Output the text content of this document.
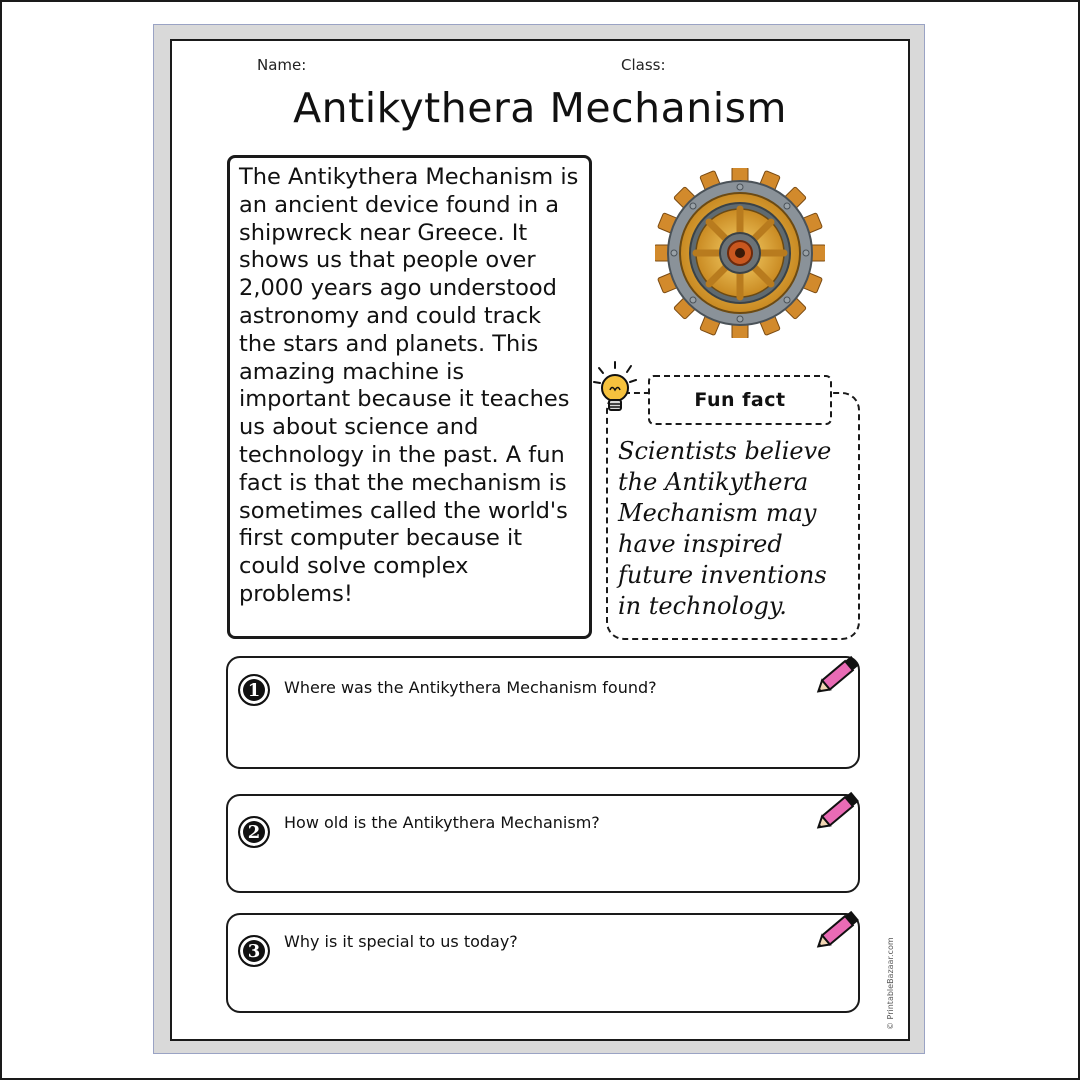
Name:	Class:
Antikythera Mechanism
The Antikythera Mechanism is an ancient device found in a shipwreck near Greece. It shows us that people over 2,000 years ago understood astronomy and could track the stars and planets. This amazing machine is important because it teaches us about science and technology in the past. A fun fact is that the mechanism is sometimes called the world's first computer because it could solve complex problems!
Fun fact
Scientists believe the Antikythera Mechanism may have inspired future inventions in technology.
1	Where was the Antikythera Mechanism found?
2	How old is the Antikythera Mechanism?
3	Why is it special to us today?	© PrintableBazaar.com
